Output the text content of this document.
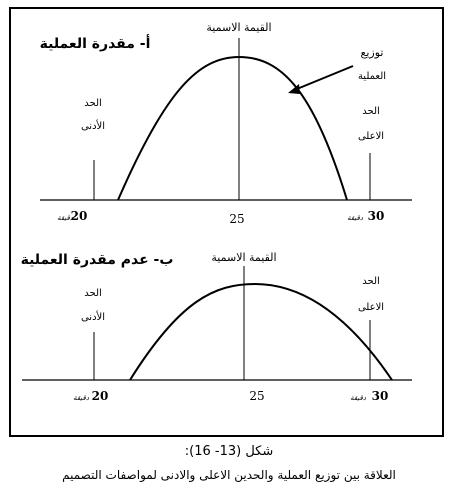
أ- مقدرة العملية
القيمة الاسمية
توزيع
العملية
الحد
الأدنى
الحد
الاعلى
20
دقيقة	25	30
دقيقة
ب- عدم مقدرة العملية	القيمة الاسمية
الحد
الأدنى
الحد
الاعلى
20
دقيقة	25	30
دقيقة
شكل (13- 16):
العلاقة بين توزيع العملية والحدين الاعلى والادنى لمواصفات التصميم
